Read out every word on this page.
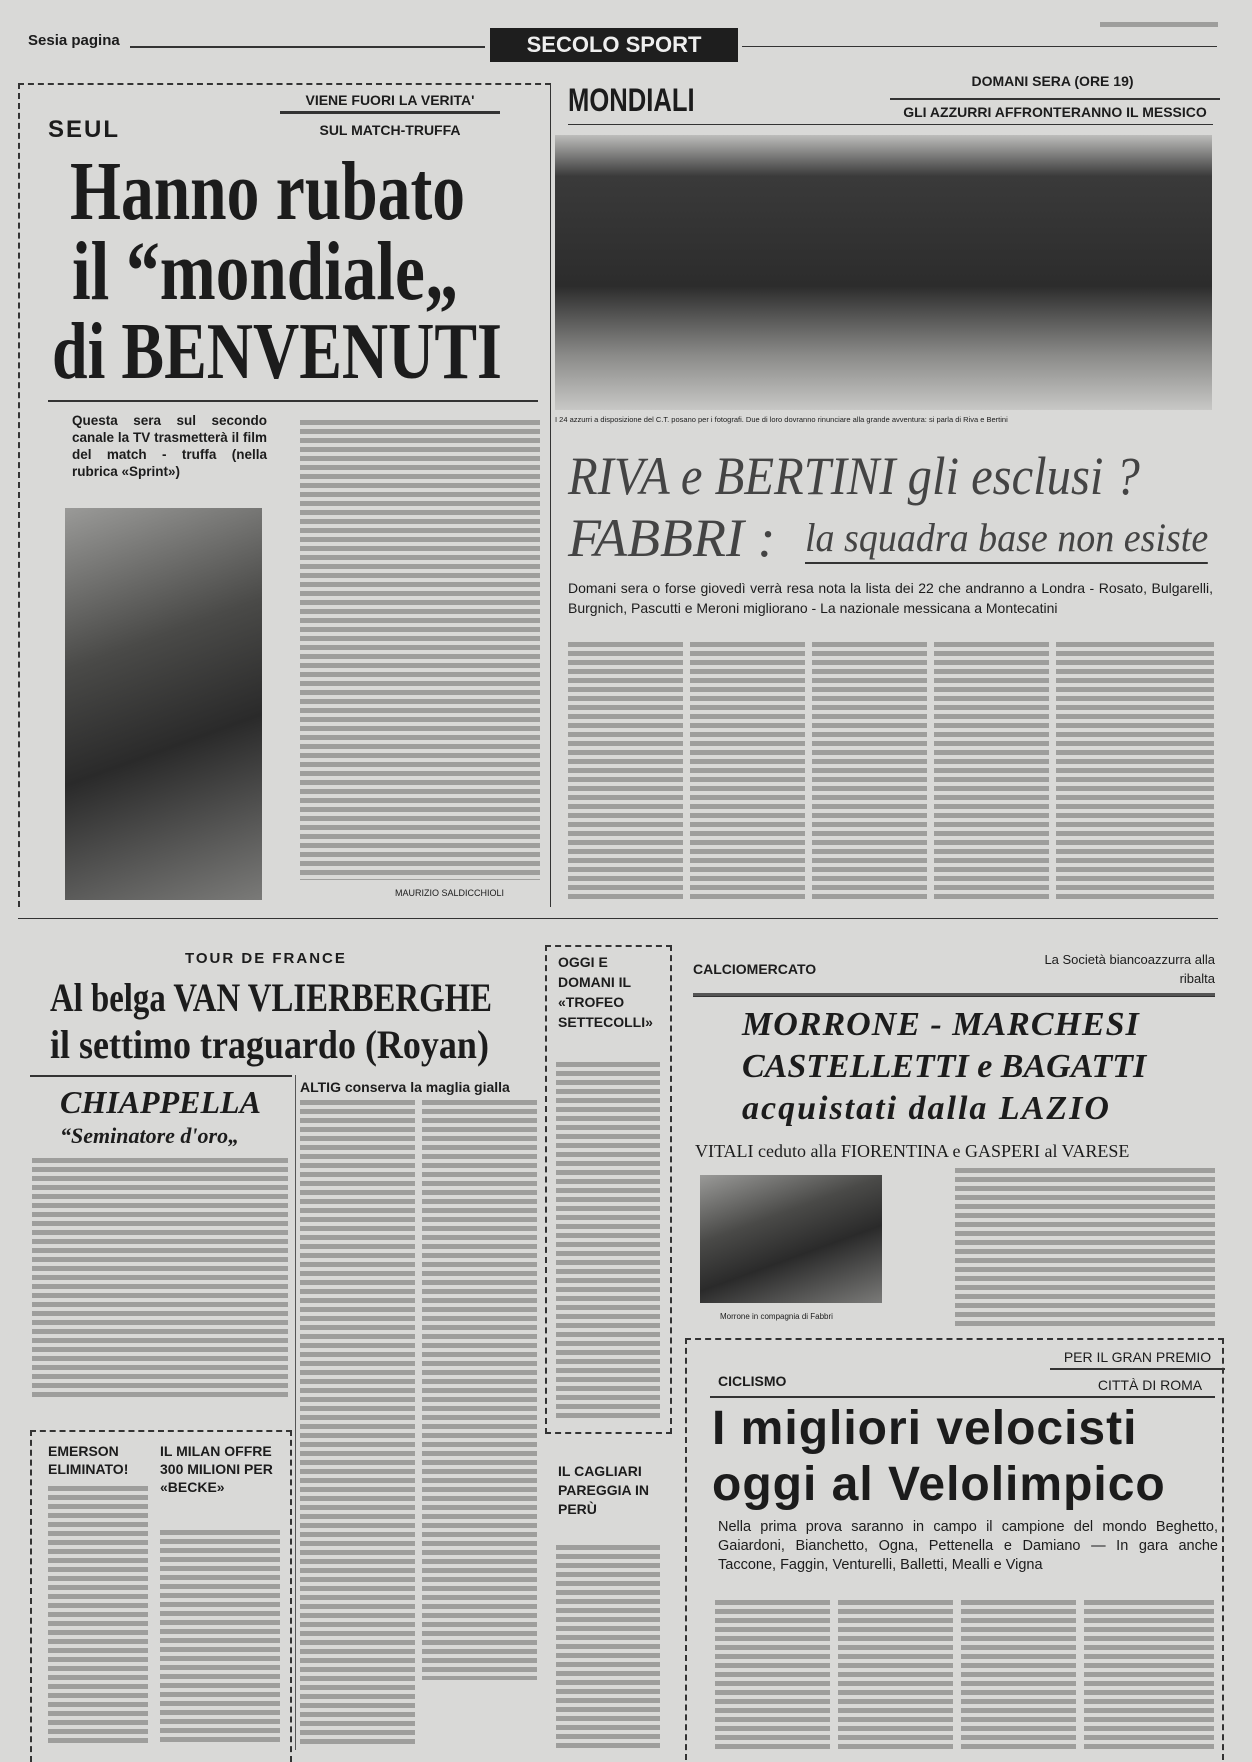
Sesia pagina	SECOLO SPORT
SEUL
VIENE FUORI LA VERITA'
SUL MATCH-TRUFFA
Hanno rubato
il “mondiale„
di BENVENUTI
Questa sera sul secondo canale la TV trasmetterà il film del match - truffa (nella rubrica «Sprint»)
MAURIZIO SALDICCHIOLI
MONDIALI
DOMANI SERA (ORE 19)
GLI AZZURRI AFFRONTERANNO IL MESSICO
I 24 azzurri a disposizione del C.T. posano per i fotografi. Due di loro dovranno rinunciare alla grande avventura: si parla di Riva e Bertini
RIVA e BERTINI gli esclusi ?
FABBRI : la squadra base non esiste
Domani sera o forse giovedì verrà resa nota la lista dei 22 che andranno a Londra - Rosato, Bulgarelli, Burgnich, Pascutti e Meroni migliorano - La nazionale messicana a Montecatini
TOUR DE FRANCE
Al belga VAN VLIERBERGHE
il settimo traguardo (Royan)
CHIAPPELLA
“Seminatore d'oro„
ALTIG conserva la maglia gialla
EMERSON ELIMINATO!
IL MILAN OFFRE 300 MILIONI PER «BECKE»
OGGI E DOMANI IL «TROFEO SETTECOLLI»
IL CAGLIARI PAREGGIA IN PERÙ
CALCIOMERCATO
La Società biancoazzurra alla ribalta
MORRONE - MARCHESI
CASTELLETTI e BAGATTI
acquistati dalla LAZIO
VITALI ceduto alla FIORENTINA e GASPERI al VARESE
Morrone in compagnia di Fabbri
CICLISMO
PER IL GRAN PREMIO
CITTÀ DI ROMA
I migliori velocisti
oggi al Velolimpico
Nella prima prova saranno in campo il campione del mondo Beghetto, Gaiardoni, Bianchetto, Ogna, Pettenella e Damiano — In gara anche Taccone, Faggin, Venturelli, Balletti, Mealli e Vigna
